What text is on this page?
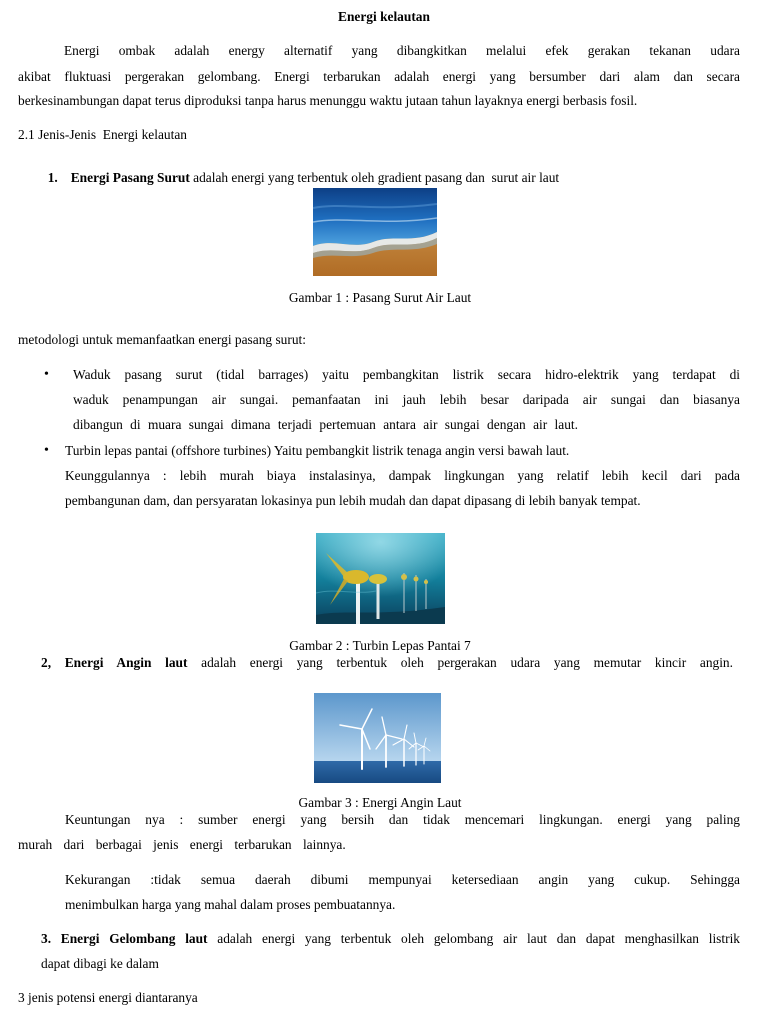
Energi kelautan
Energi ombak adalah energy alternatif yang dibangkitkan melalui efek gerakan tekanan udara
akibat fluktuasi pergerakan gelombang. Energi terbarukan adalah energi yang bersumber dari alam dan secara
berkesinambungan dapat terus diproduksi tanpa harus menunggu waktu jutaan tahun layaknya energi berbasis fosil.
2.1 Jenis-Jenis  Energi kelautan

1. Energi Pasang Surut adalah energi yang terbentuk oleh gradient pasang dan  surut air laut

Gambar 1 : Pasang Surut Air Laut
metodologi untuk memanfaatkan energi pasang surut:
• Waduk pasang surut (tidal barrages) yaitu pembangkitan listrik secara hidro-elektrik yang terdapat di
waduk penampungan air sungai. pemanfaatan ini jauh lebih besar daripada air sungai dan biasanya
dibangun di muara sungai dimana terjadi pertemuan antara air sungai dengan air laut.
• Turbin lepas pantai (offshore turbines) Yaitu pembangkit listrik tenaga angin versi bawah laut.
Keunggulannya : lebih murah biaya instalasinya, dampak lingkungan yang relatif lebih kecil dari pada
pembangunan dam, dan persyaratan lokasinya pun lebih mudah dan dapat dipasang di lebih banyak tempat.
Gambar 2 : Turbin Lepas Pantai 7
2, Energi Angin laut adalah energi yang terbentuk oleh pergerakan udara yang memutar kincir angin.
Gambar 3 : Energi Angin Laut
Keuntungan nya : sumber energi yang bersih dan tidak mencemari lingkungan. energi yang paling
murah dari berbagai jenis energi terbarukan lainnya.
Kekurangan :tidak semua daerah dibumi mempunyai ketersediaan angin yang cukup. Sehingga
menimbulkan harga yang mahal dalam proses pembuatannya.
3. Energi Gelombang laut adalah energi yang terbentuk oleh gelombang air laut dan dapat menghasilkan listrik
dapat dibagi ke dalam
3 jenis potensi energi diantaranya
